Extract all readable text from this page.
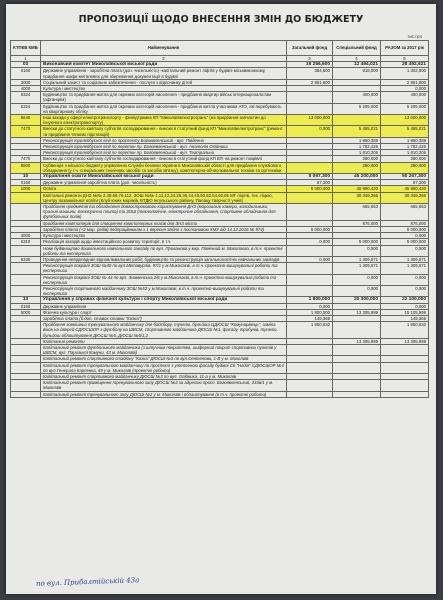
ПРОПОЗИЦІЇ ЩОДО ВНЕСЕННЯ ЗМІН ДО БЮДЖЕТУ
тис.грн
КТПКВ КМБ	Найменування	Загальний фонд	Спеціальний фонд	РАЗОМ за 2017 рік
1	2	3	4	5
03	Виконавчий комітет Миколаївської міської ради	16 256,600	12 494,021	28 492,621
0160	Державне управління - заробітна плата (доп. чисельність) -капітальний ремонт ліфтів у будівлі міськвиконкому, придбання шафи металевих для збереження документації в будівлі	384,800	918,000	1 302,800
3000	Соціальний захист та соціальне забезпечення - послуги з відпочинку дітей	2 851,800		2 851,800
4000	Культура і мистецтво			0,000
6324	Будівництво та придбання житла для окремих категорій населення - придбання квартир військ інтернаціоналістам (афганцям)		400,000	400,000
6324	Будівництво та придбання житла для окремих категорій населення - придбання житла учасникам АТО, які перебувають на квартирному обліку		5 205,000	5 205,000
6640	Інші заходи у сфері електротранспорту - фінпідтримка КП "Миколаївелектротранс" (на придбання запчастин до існуючого електротранспорту)	13 000,000		13 000,000
7470	Внески до статутного капіталу суб'єктів господарювання - внески в статутний фонд КП "Миколаївелектротранс" (ремонт та придбання тягових підстанцій)	0,000	5 455,021	5 455,021
	Реконструкція тролейбусної лінії по проспекту Богоявленський - вул. Південна		1 860,389	1 860,389
	Реконструкція тролейбусної лінії по перетин пр. Богоявленський - вул. Анатолія Олійника		1 782,426	1 782,426
	Реконструкція тролейбусної лінії по перетин пр. Богоявленський - вул. Театральна		1 810,206	1 810,206
7470	Внески до статутного капіталу суб'єктів господарювання - внески в статутний фонд КП БТІ на ремонт покрівлі		280,000	280,000
8600	Субвенція з міського бюджету управлінню Служби безпеки України в Миколаївській області для придбання службового обладнання (у т.ч. спеціальних технічних засобів та засобів зв'язку), комп'ютерно-обчислювальної техніки та оргтехніки		280,000	280,000
10	Управління освіти Миколаївської міської ради	5 067,300	45 200,000	50 267,300
0160	Державне управління-заробітна плата (доп. чисельність)	67,300		67,300
1000	Освіта	5 000,000	40 890,420	45 890,420
	Капітальні ремонти ДНЗ №№ 2,48,66,76,112, ЗОШ №№ 1,11,12,24,26,36,44,49,50,52,54,60,65 МГ ліцеїв, тех. ліцею, Центру позашкільної освіти (Клуб юних моряків, БТДЮ Інгульського району, Палацу творчості учнів)		39 349,366	39 349,366
	Придбання предметів та обладнання довгострокового користування ДНЗ (морозильні камери, холодильники, пральні машини, електрична плита) та ЗОШ (технологічне, електричне обладнання, спортивне обладнання для футбольних полів)		665,063	665,063
	придбання комп'ютерів для створення комп'ютерних класів для ЗНЗ міста		876,000	876,000
	заробітна плата (+2 мар. рядів) педпрацівникам з 1 вересня згідно з постановою КМУ від 14.12.2016 № 974)	5 000,000		5 000,000
4000	Культура і мистецтво			0,000
6310	Реалізація заходів щодо інвестиційного розвитку території, в т.ч.	0,000	5 000,000	5 000,000
	Нове будівництво дошкільного навчального закладу по вул. Прованова у мкр. Північний м. Миколаєва, в т.ч. проектні роботи та експертиза		0,000	0,000
6330	Проведення невідкладних відновлювальних робіт, будівництво та реконструкція загальноосвітніх навчальних закладів	0,000	1 309,571	1 309,571
	Реконструкція покрівлі ЗОШ №40 по вул.Метавурлів, 97/1 у м.Миколаєві, в т.ч. проектно-вишукувальні роботи та експертиза		1 309,571	1 309,571
	Реконструкція покрівлі ЗОШ № 44 по вул. Знаменська,2/6 у м.Миколаєві, в т.ч. проектно-вишукувальні роботи та експертиза		0,000	0,000
	Реконструкція спортивного майданчику ЗОШ №53 у м.Миколаєві, в т.ч. проектно-вишукувальні роботи та експертиза		0,000	0,000
13	Управління у справах фізичної культури і спорту Миколаївської міської ради	1 800,000	20 300,000	22 100,000
0160	Державне управління	0,000		0,000
5000	Фізична культура і спорт	1 800,000	13 305,999	15 105,999
	заробітна плата (б.доп. ставок ставки "Казна")	149,368		149,368
	Придбання зовнішньо тренувального майданчику для бойсбору, тунелю, бульдош ЦДЮСШ "Комунарівець", заміна вікон на дверей СДЮСШОР з футболу на ШВСМ, спортивного майданчика ДЮСШ №1, фасаду, трибунів, тунелю, бульдош облаштування ДЮСШ №5, ДЮСШ №6/1,2	1 650,632		1 650,632
	Капітальні ремонти		13 305,999	13 305,999
	Капітальний ремонт футбольного майданчика (з штучним покриттям, шиферний покрит спортивних пунктів у ШВСМ, вул. Паризької Комуни, 43 м. Миколаїв)			
	Капітальний ремонт спортивного стадіону "Казна" ДЮСШ №3 по вул.Сеятелова, 1-В у м. Миколаїв			
	Капітальний ремонт тренувального майданчику по проспект з утепленою фасаду будівлі СК "Надія" СДЮСШОР №4 по вул.Генерала Карпенка, 49 у м. Миколаїв (проектні роботи)			
	Капітальний ремонт спортивного майданчику ДЮСШ №3 по вул. Олійника, 11-а у м. Миколаїв			
	Капітальний ремонт приміщення тренувального залу ДЮСШ №3 за адресою просп. Богоявленський, 233в/1 у м. Миколаїв			
	Капітальний ремонт тренувального залу ДЮСШ №2 у м. Миколаїв і облаштування (в т.ч. проектні роботи)			
по вул. Прибалтійській 43а
